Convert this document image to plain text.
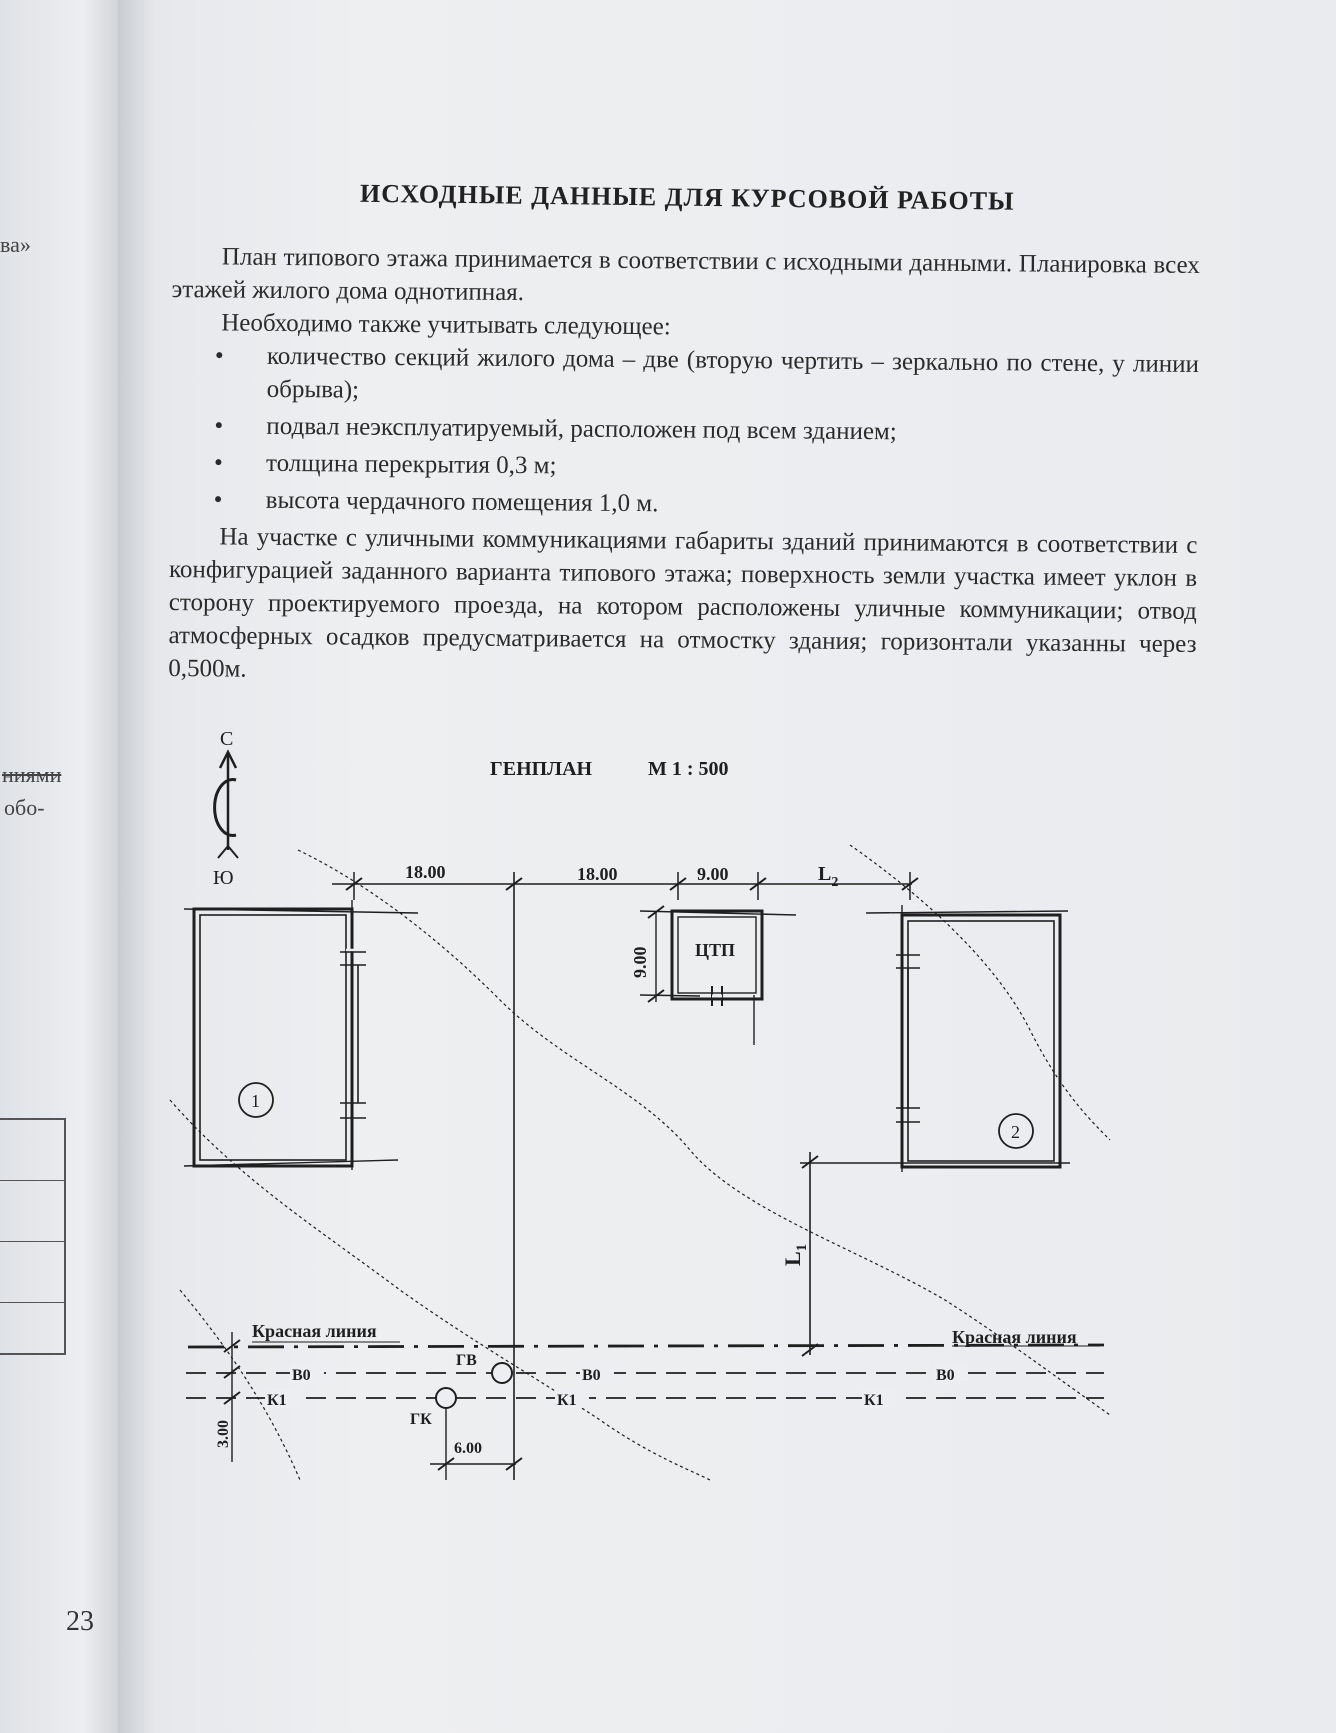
ва»
ниями
обо-
23
ИСХОДНЫЕ ДАННЫЕ ДЛЯ КУРСОВОЙ РАБОТЫ

План типового этажа принимается в соответствии с исходными данными. Планировка всех этажей жилого дома однотипная.

Необходимо также учитывать следующее:

•	количество секций жилого дома – две (вторую чертить – зеркально по стене, у линии обрыва);
•	подвал неэксплуатируемый, расположен под всем зданием;
•	толщина перекрытия 0,3 м;
•	высота чердачного помещения 1,0 м.

На участке с уличными коммуникациями габариты зданий принимаются в соответствии с конфигурацией заданного варианта типового этажа; поверхность земли участка имеет уклон в сторону проектируемого проезда, на котором расположены уличные коммуникации; отвод атмосферных осадков предусматривается на отмостку здания; горизонтали указанны через 0,500м.

ГЕНПЛАН	М 1 : 500
С
Ю	18.00	18.00	9.00	$L_2$
1
ЦТП
9.00
2
$L_1$
Красная линия	Красная линия
В0	В0	В0
К1	К1	К1
ГВ
ГК
3.00
6.00
